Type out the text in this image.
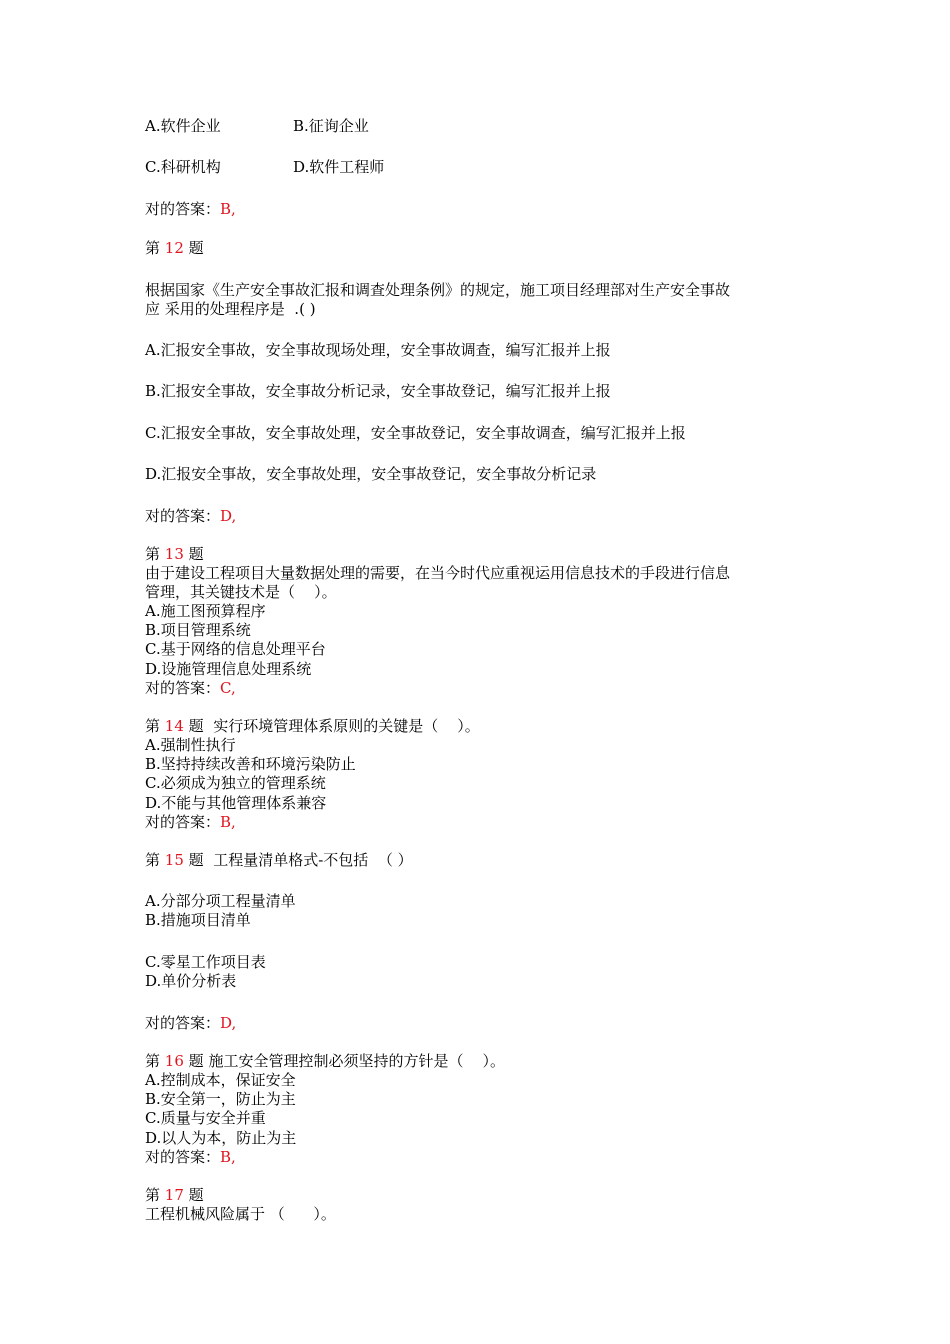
A.软件企业	B.征询企业
C.科研机构	D.软件工程师
对的答案：B,
第 12 题
根据国家《生产安全事故汇报和调查处理条例》的规定，施工项目经理部对生产安全事故
应 采用的处理程序是  .( )
A.汇报安全事故，安全事故现场处理，安全事故调查，编写汇报并上报
B.汇报安全事故，安全事故分析记录，安全事故登记，编写汇报并上报
C.汇报安全事故，安全事故处理，安全事故登记，安全事故调查，编写汇报并上报
D.汇报安全事故，安全事故处理，安全事故登记，安全事故分析记录
对的答案：D,
第 13 题
由于建设工程项目大量数据处理的需要，在当今时代应重视运用信息技术的手段进行信息
管理，其关键技术是（    ）。
A.施工图预算程序
B.项目管理系统
C.基于网络的信息处理平台
D.设施管理信息处理系统
对的答案：C,
第 14 题 实行环境管理体系原则的关键是（    ）。
A.强制性执行
B.坚持持续改善和环境污染防止
C.必须成为独立的管理系统
D.不能与其他管理体系兼容
对的答案：B,
第 15 题 工程量清单格式-不包括  （ ）
A.分部分项工程量清单
B.措施项目清单
C.零星工作项目表
D.单价分析表
对的答案：D,
第 16 题 施工安全管理控制必须坚持的方针是（    ）。
A.控制成本，保证安全
B.安全第一，防止为主
C.质量与安全并重
D.以人为本，防止为主
对的答案：B,
第 17 题
工程机械风险属于 （      ）。
